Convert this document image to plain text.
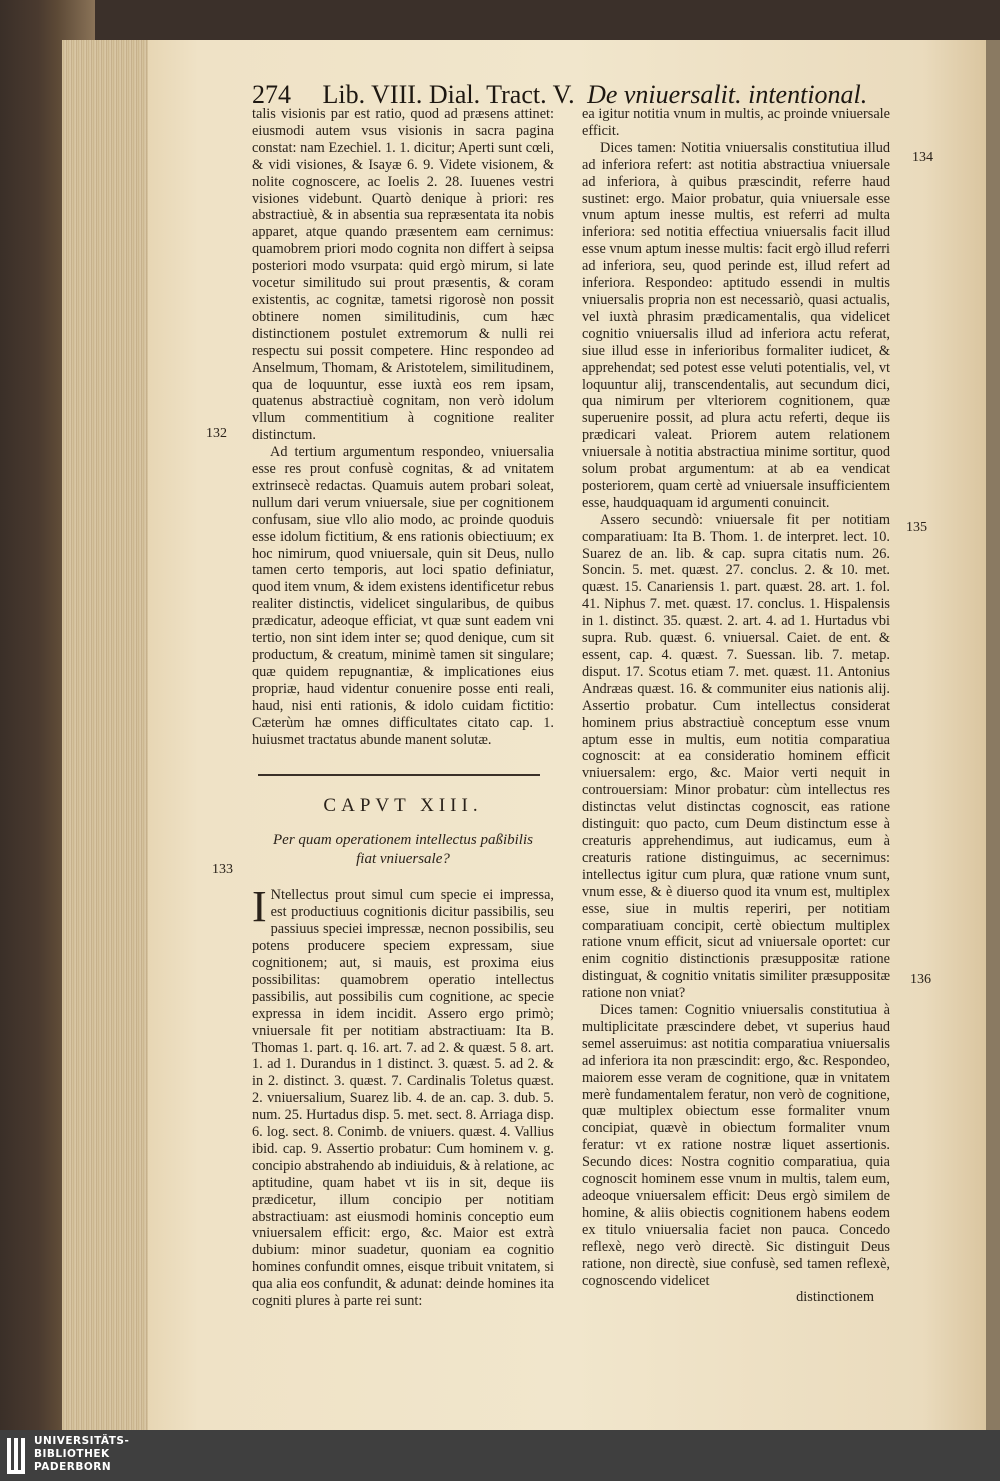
274 Lib. VIII. Dial. Tract. V. De vniuersalit. intentional.

talis visionis par est ratio, quod ad præsens attinet: eiusmodi autem vsus visionis in sacra pagina constat: nam Ezechiel. 1. 1. dicitur; Aperti sunt cœli, & vidi visiones, & Isayæ 6. 9. Videte visionem, & nolite cognoscere, ac Ioelis 2. 28. Iuuenes vestri visiones videbunt. Quartò denique à priori: res abstractiuè, & in absentia sua repræsentata ita nobis apparet, atque quando præsentem eam cernimus: quamobrem priori modo cognita non differt à seipsa posteriori modo vsurpata: quid ergò mirum, si late vocetur similitudo sui prout præsentis, & coram existentis, ac cognitæ, tametsi rigorosè non possit obtinere nomen similitudinis, cum hæc distinctionem postulet extremorum & nulli rei respectu sui possit competere. Hinc respondeo ad Anselmum, Thomam, & Aristotelem, similitudinem, qua de loquuntur, esse iuxtà eos rem ipsam, quatenus abstractiuè cognitam, non verò idolum vllum commentitium à cognitione realiter distinctum.

Ad tertium argumentum respondeo, vniuersalia esse res prout confusè cognitas, & ad vnitatem extrinsecè redactas. Quamuis autem probari soleat, nullum dari verum vniuersale, siue per cognitionem confusam, siue vllo alio modo, ac proinde quoduis esse idolum fictitium, & ens rationis obiectiuum; ex hoc nimirum, quod vniuersale, quin sit Deus, nullo tamen certo temporis, aut loci spatio definiatur, quod item vnum, & idem existens identificetur rebus realiter distinctis, videlicet singularibus, de quibus prædicatur, adeoque efficiat, vt quæ sunt eadem vni tertio, non sint idem inter se; quod denique, cum sit productum, & creatum, minimè tamen sit singulare; quæ quidem repugnantiæ, & implicationes eius propriæ, haud videntur conuenire posse enti reali, haud, nisi enti rationis, & idolo cuidam fictitio: Cæterùm hæ omnes difficultates citato cap. 1. huiusmet tractatus abunde manent solutæ.

CAPVT XIII.
Per quam operationem intellectus paßibilis fiat vniuersale?

I Ntellectus prout simul cum specie ei impressa, est productiuus cognitionis dicitur passibilis, seu passiuus speciei impressæ, necnon possibilis, seu potens producere speciem expressam, siue cognitionem; aut, si mauis, est proxima eius possibilitas: quamobrem operatio intellectus passibilis, aut possibilis cum cognitione, ac specie expressa in idem incidit. Assero ergo primò; vniuersale fit per notitiam abstractiuam: Ita B. Thomas 1. part. q. 16. art. 7. ad 2. & quæst. 5 8. art. 1. ad 1. Durandus in 1 distinct. 3. quæst. 5. ad 2. & in 2. distinct. 3. quæst. 7. Cardinalis Toletus quæst. 2. vniuersalium, Suarez lib. 4. de an. cap. 3. dub. 5. num. 25. Hurtadus disp. 5. met. sect. 8. Arriaga disp. 6. log. sect. 8. Conimb. de vniuers. quæst. 4. Vallius ibid. cap. 9. Assertio probatur: Cum hominem v. g. concipio abstrahendo ab indiuiduis, & à relatione, ac aptitudine, quam habet vt iis in sit, deque iis prædicetur, illum concipio per notitiam abstractiuam: ast eiusmodi hominis conceptio eum vniuersalem efficit: ergo, &c. Maior est extrà dubium: minor suadetur, quoniam ea cognitio homines confundit omnes, eisque tribuit vnitatem, si qua alia eos confundit, & adunat: deinde homines ita cogniti plures à parte rei sunt:

ea igitur notitia vnum in multis, ac proinde vniuersale efficit.

Dices tamen: Notitia vniuersalis constitutiua illud ad inferiora refert: ast notitia abstractiua vniuersale ad inferiora, à quibus præscindit, referre haud sustinet: ergo. Maior probatur, quia vniuersale esse vnum aptum inesse multis, est referri ad multa inferiora: sed notitia effectiua vniuersalis facit illud esse vnum aptum inesse multis: facit ergò illud referri ad inferiora, seu, quod perinde est, illud refert ad inferiora. Respondeo: aptitudo essendi in multis vniuersalis propria non est necessariò, quasi actualis, vel iuxtà phrasim prædicamentalis, qua videlicet cognitio vniuersalis illud ad inferiora actu referat, siue illud esse in inferioribus formaliter iudicet, & apprehendat; sed potest esse veluti potentialis, vel, vt loquuntur alij, transcendentalis, aut secundum dici, qua nimirum per vlteriorem cognitionem, quæ superuenire possit, ad plura actu referti, deque iis prædicari valeat. Priorem autem relationem vniuersale à notitia abstractiua minime sortitur, quod solum probat argumentum: at ab ea vendicat posteriorem, quam certè ad vniuersale insufficientem esse, haudquaquam id argumenti conuincit.

Assero secundò: vniuersale fit per notitiam comparatiuam: Ita B. Thom. 1. de interpret. lect. 10. Suarez de an. lib. & cap. supra citatis num. 26. Soncin. 5. met. quæst. 27. conclus. 2. & 10. met. quæst. 15. Canariensis 1. part. quæst. 28. art. 1. fol. 41. Niphus 7. met. quæst. 17. conclus. 1. Hispalensis in 1. distinct. 35. quæst. 2. art. 4. ad 1. Hurtadus vbi supra. Rub. quæst. 6. vniuersal. Caiet. de ent. & essent, cap. 4. quæst. 7. Suessan. lib. 7. metap. disput. 17. Scotus etiam 7. met. quæst. 11. Antonius Andræas quæst. 16. & communiter eius nationis alij. Assertio probatur. Cum intellectus considerat hominem prius abstractiuè conceptum esse vnum aptum esse in multis, eum notitia comparatiua cognoscit: at ea consideratio hominem efficit vniuersalem: ergo, &c. Maior verti nequit in controuersiam: Minor probatur: cùm intellectus res distinctas velut distinctas cognoscit, eas ratione distinguit: quo pacto, cum Deum distinctum esse à creaturis apprehendimus, aut iudicamus, eum à creaturis ratione distinguimus, ac secernimus: intellectus igitur cum plura, quæ ratione vnum sunt, vnum esse, & è diuerso quod ita vnum est, multiplex esse, siue in multis reperiri, per notitiam comparatiuam concipit, certè obiectum multiplex ratione vnum efficit, sicut ad vniuersale oportet: cur enim cognitio distinctionis præsuppositæ ratione distinguat, & cognitio vnitatis similiter præsuppositæ ratione non vniat?

Dices tamen: Cognitio vniuersalis constitutiua à multiplicitate præscindere debet, vt superius haud semel asseruimus: ast notitia comparatiua vniuersalis ad inferiora ita non præscindit: ergo, &c. Respondeo, maiorem esse veram de cognitione, quæ in vnitatem merè fundamentalem feratur, non verò de cognitione, quæ multiplex obiectum esse formaliter vnum concipiat, quævè in obiectum formaliter vnum feratur: vt ex ratione nostræ liquet assertionis. Secundo dices: Nostra cognitio comparatiua, quia cognoscit hominem esse vnum in multis, talem eum, adeoque vniuersalem efficit: Deus ergò similem de homine, & aliis obiectis cognitionem habens eodem ex titulo vniuersalia faciet non pauca. Concedo reflexè, nego verò directè. Sic distinguit Deus ratione, non directè, siue confusè, sed tamen reflexè, cognoscendo videlicet

distinctionem

132
133
134
135
136
UNIVERSITÄTS-
BIBLIOTHEK
PADERBORN
